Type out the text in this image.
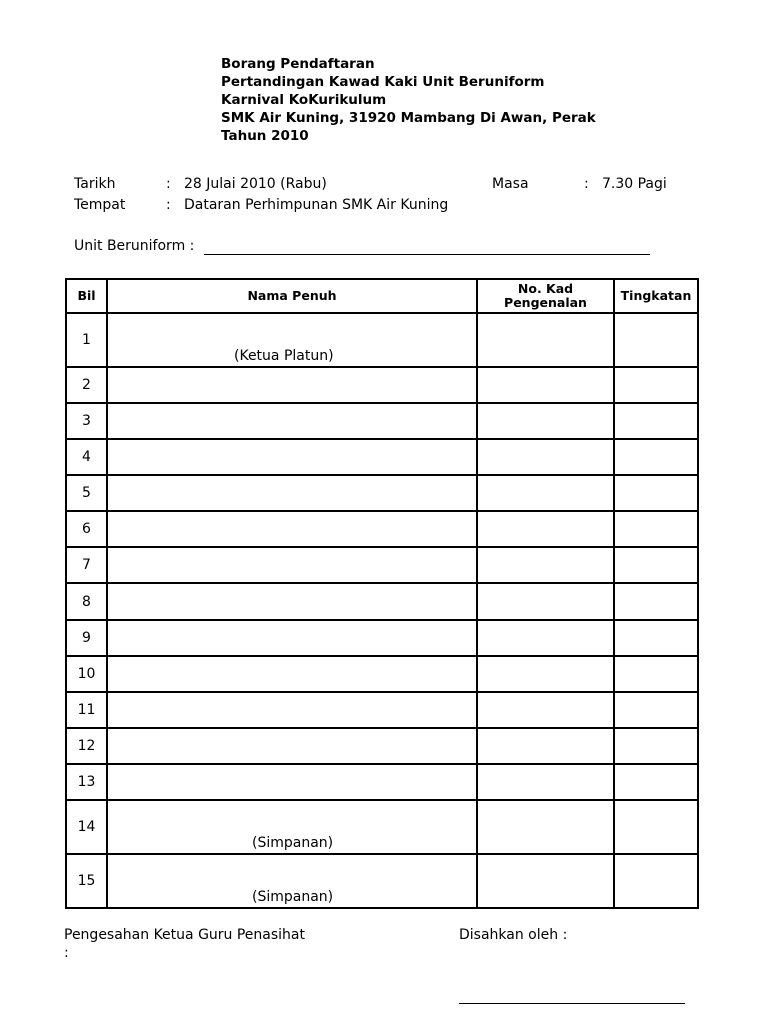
Borang Pendaftaran
Pertandingan Kawad Kaki Unit Beruniform
Karnival KoKurikulum
SMK Air Kuning, 31920 Mambang Di Awan, Perak
Tahun 2010
Tarikh	: 28 Julai 2010 (Rabu)	Masa	: 7.30 Pagi
Tempat	: Dataran Perhimpunan SMK Air Kuning
Unit Beruniform :
Bil	Nama Penuh	No. Kad Pengenalan	Tingkatan
1	(Ketua Platun)		

2			
3			
4			
5			
6			
7			
8			
9			
10			
11			
12			
13			
14	(Simpanan)		

15	(Simpanan)		

Pengesahan Ketua Guru Penasihat
:
Disahkan oleh :
